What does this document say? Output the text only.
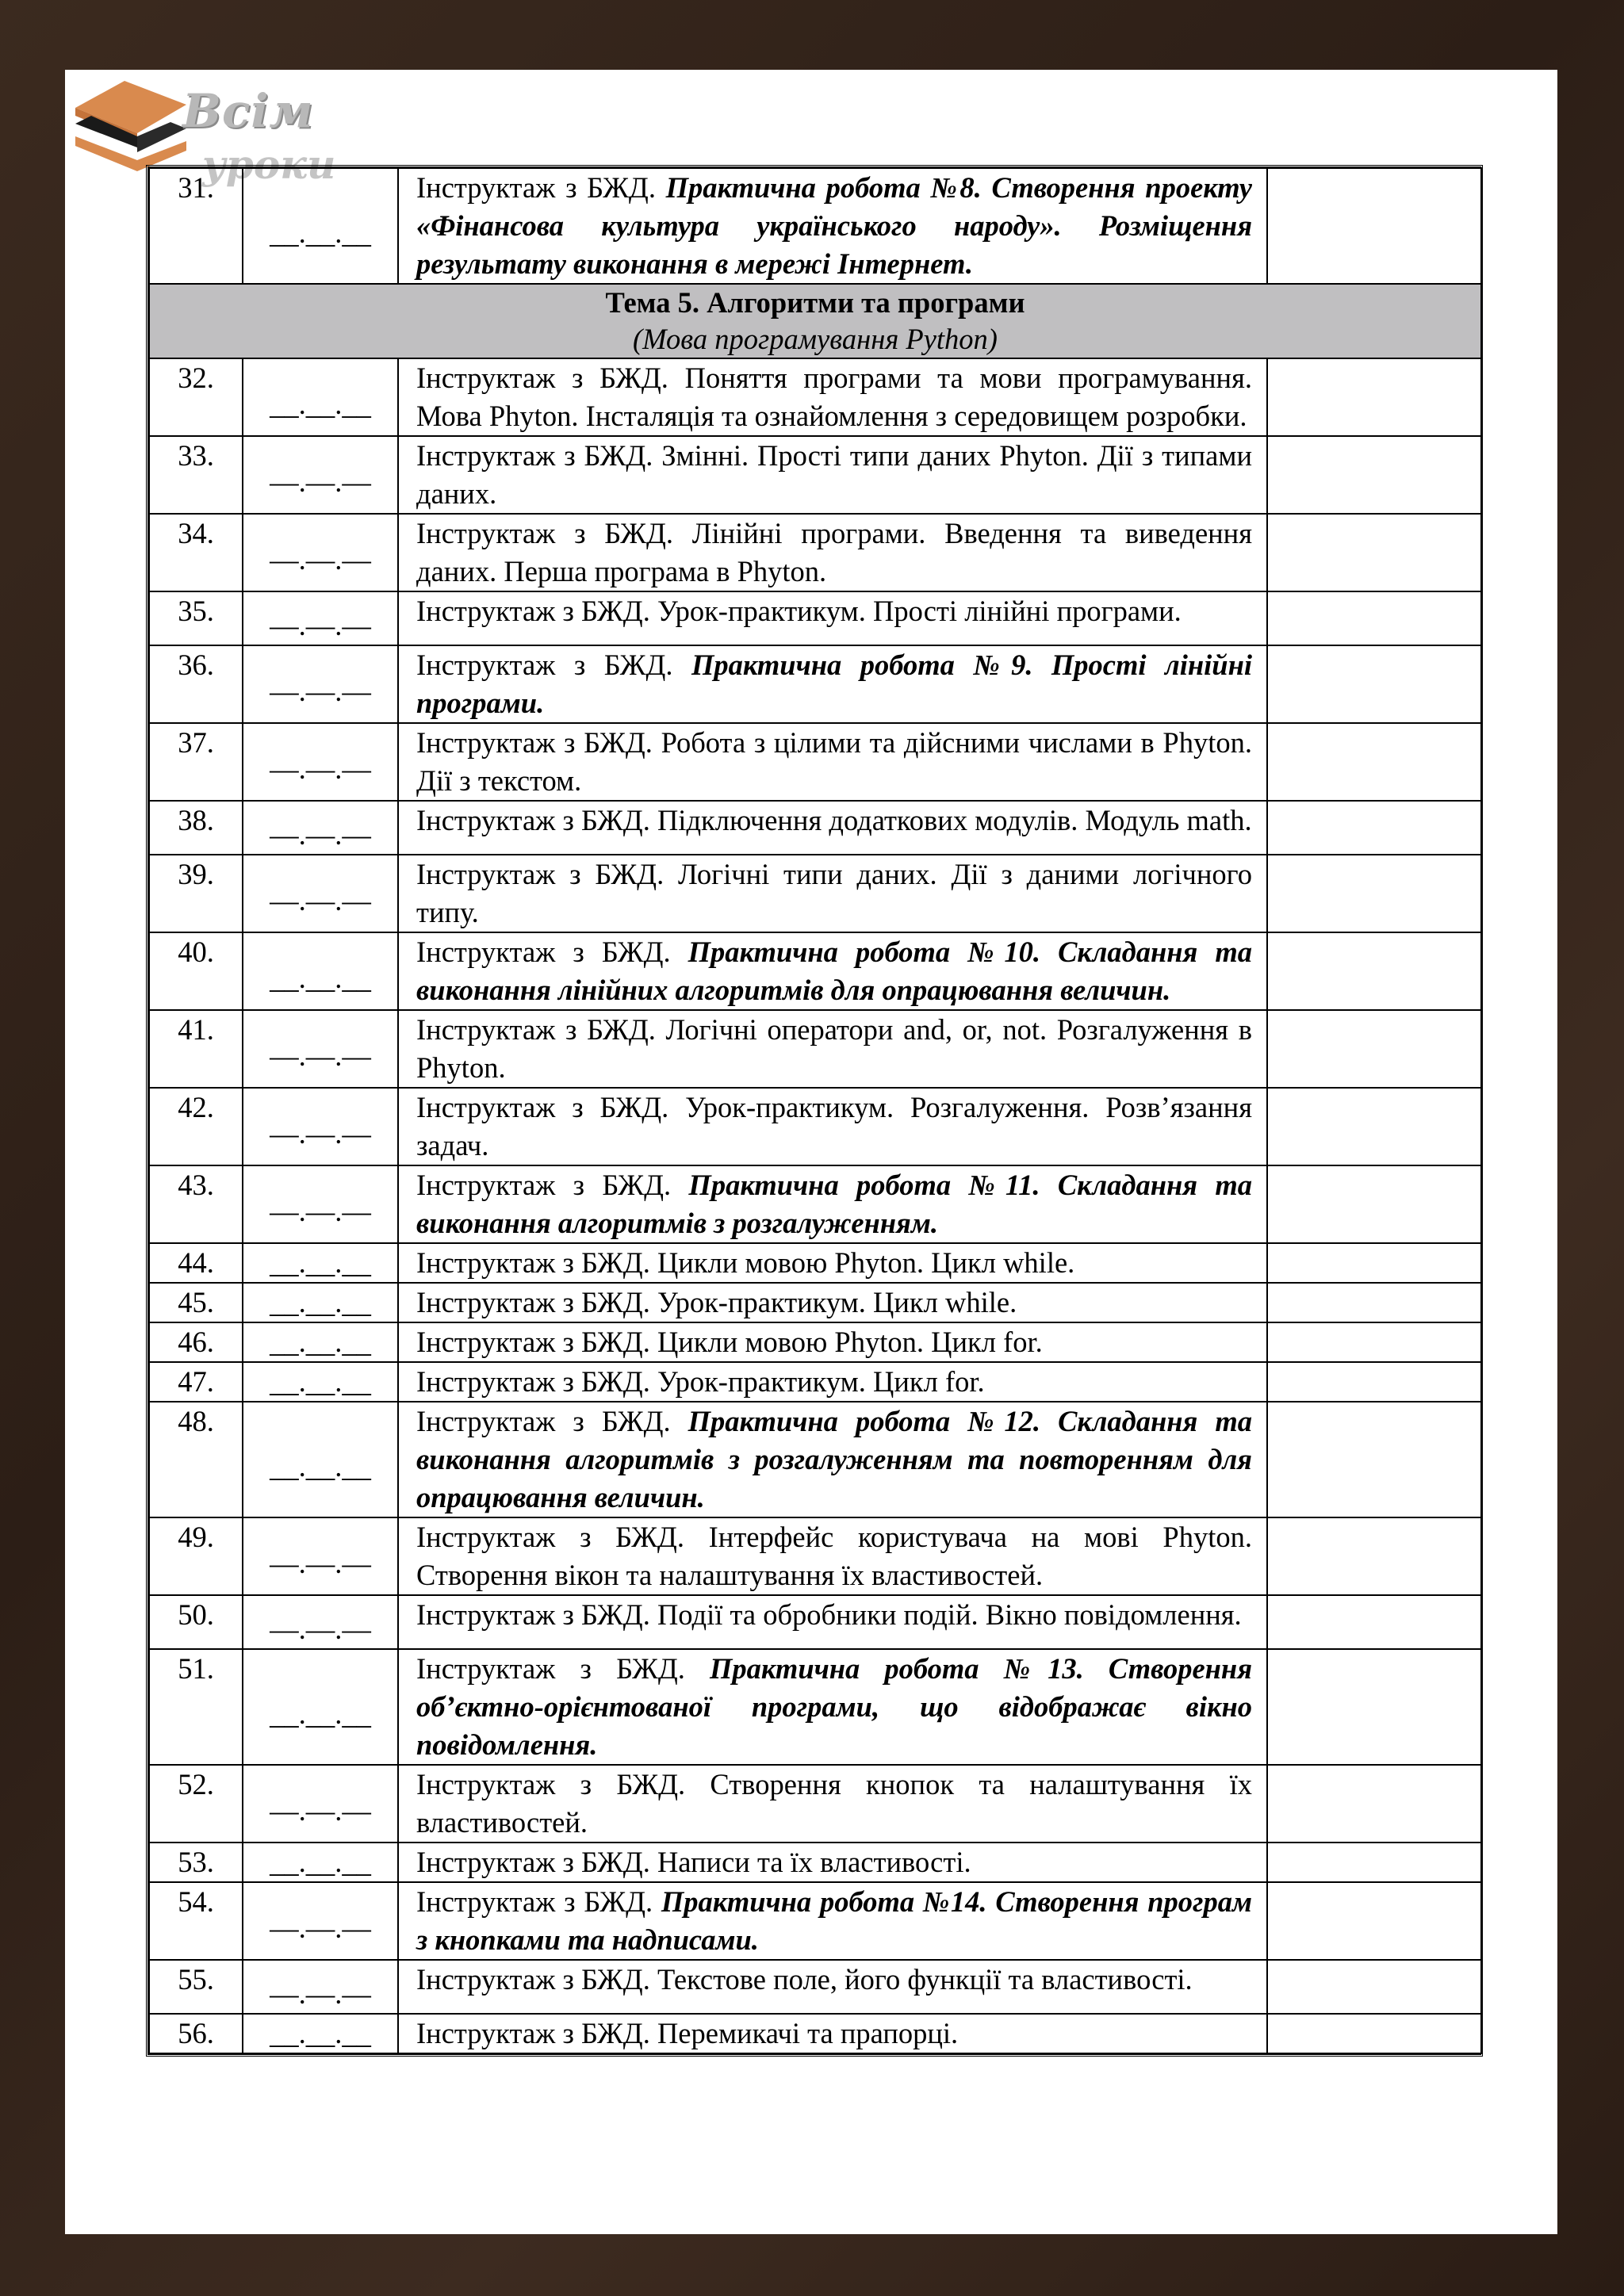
Всім
уроки
31.	__.__.__	Інструктаж з БЖД. Практична робота №8. Створення проекту «Фінансова культура українського народу». Розміщення результату виконання в мережі Інтернет.	

Тема 5. Алгоритми та програми
(Мова програмування Python)			

32.	__.__.__	Інструктаж з БЖД. Поняття програми та мови програмування. Мова Phyton. Інсталяція та ознайомлення з середовищем розробки.	
33.	—.—.—	Інструктаж з БЖД. Змінні. Прості типи даних Phyton. Дії з типами даних.	
34.	—.—.—	Інструктаж з БЖД. Лінійні програми. Введення та виведення даних. Перша програма в Phyton.	
35.	—.—.—	Інструктаж з БЖД. Урок-практикум. Прості лінійні програми.	
36.	—.—.—	Інструктаж з БЖД. Практична робота №9. Прості лінійні програми.	
37.	—.—.—	Інструктаж з БЖД. Робота з цілими та дійсними числами в Phyton. Дії з текстом.	
38.	—.—.—	Інструктаж з БЖД. Підключення додаткових модулів. Модуль math.	
39.	—.—.—	Інструктаж з БЖД. Логічні типи даних. Дії з даними логічного типу.	
40.	__.__.__	Інструктаж з БЖД. Практична робота №10. Складання та виконання лінійних алгоритмів для опрацювання величин.	
41.	—.—.—	Інструктаж з БЖД. Логічні оператори and, or, not. Розгалуження в Phyton.	
42.	—.—.—	Інструктаж з БЖД. Урок-практикум. Розгалуження. Розв’язання задач.	
43.	—.—.—	Інструктаж з БЖД. Практична робота №11. Складання та виконання алгоритмів з розгалуженням.	
44.	__.__.__	Інструктаж з БЖД. Цикли мовою Phyton. Цикл while.	
45.	__.__.__	Інструктаж з БЖД. Урок-практикум. Цикл while.	
46.	__.__.__	Інструктаж з БЖД. Цикли мовою Phyton. Цикл for.	
47.	__.__.__	Інструктаж з БЖД. Урок-практикум. Цикл for.	
48.	__.__.__	Інструктаж з БЖД. Практична робота №12. Складання та виконання алгоритмів з розгалуженням та повторенням для опрацювання величин.	
49.	—.—.—	Інструктаж з БЖД. Інтерфейс користувача на мові Phyton. Створення вікон та налаштування їх властивостей.	
50.	—.—.—	Інструктаж з БЖД. Події та обробники подій. Вікно повідомлення.	
51.	__.__.__	Інструктаж з БЖД. Практична робота №13. Створення об’єктно-орієнтованої програми, що відображає вікно повідомлення.	
52.	—.—.—	Інструктаж з БЖД. Створення кнопок та налаштування їх властивостей.	
53.	__.__.__	Інструктаж з БЖД. Написи та їх властивості.	
54.	—.—.—	Інструктаж з БЖД. Практична робота №14. Створення програм з кнопками та надписами.	
55.	—.—.—	Інструктаж з БЖД. Текстове поле, його функції та властивості.	
56.	__.__.__	Інструктаж з БЖД. Перемикачі та прапорці.	
